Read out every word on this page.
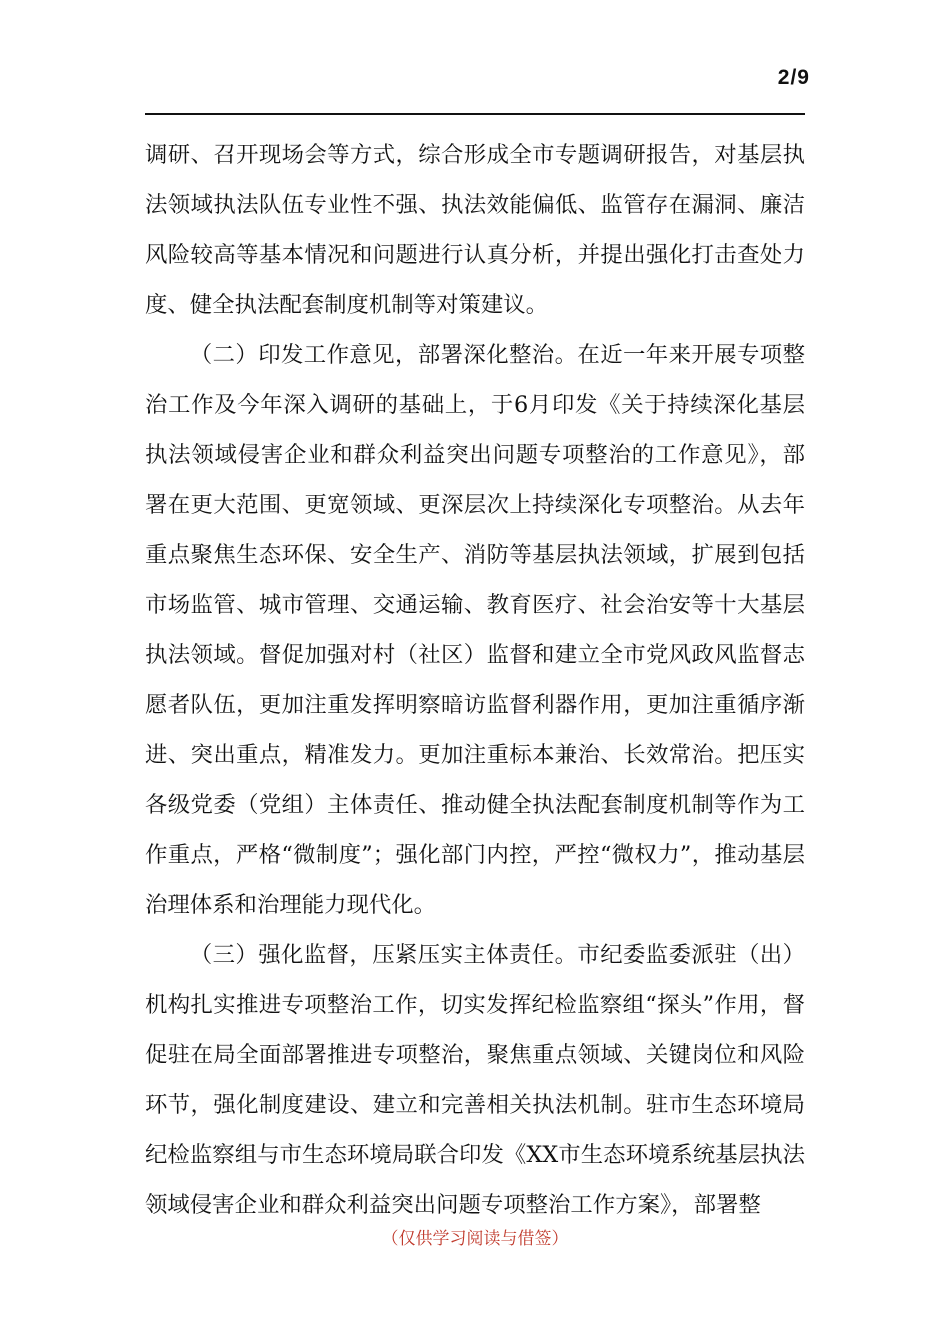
2/9

调研、召开现场会等方式，综合形成全市专题调研报告，对基层执法领域执法队伍专业性不强、执法效能偏低、监管存在漏洞、廉洁风险较高等基本情况和问题进行认真分析，并提出强化打击查处力度、健全执法配套制度机制等对策建议。

（二）印发工作意见，部署深化整治。在近一年来开展专项整治工作及今年深入调研的基础上，于6月印发《关于持续深化基层执法领域侵害企业和群众利益突出问题专项整治的工作意见》，部署在更大范围、更宽领域、更深层次上持续深化专项整治。从去年重点聚焦生态环保、安全生产、消防等基层执法领域，扩展到包括市场监管、城市管理、交通运输、教育医疗、社会治安等十大基层执法领域。督促加强对村（社区）监督和建立全市党风政风监督志愿者队伍，更加注重发挥明察暗访监督利器作用，更加注重循序渐进、突出重点，精准发力。更加注重标本兼治、长效常治。把压实各级党委（党组）主体责任、推动健全执法配套制度机制等作为工作重点，严格“微制度”；强化部门内控，严控“微权力”，推动基层治理体系和治理能力现代化。

（三）强化监督，压紧压实主体责任。市纪委监委派驻（出）机构扎实推进专项整治工作，切实发挥纪检监察组“探头”作用，督促驻在局全面部署推进专项整治，聚焦重点领域、关键岗位和风险环节，强化制度建设、建立和完善相关执法机制。驻市生态环境局纪检监察组与市生态环境局联合印发《XX市生态环境系统基层执法领域侵害企业和群众利益突出问题专项整治工作方案》，部署整

（仅供学习阅读与借签）
